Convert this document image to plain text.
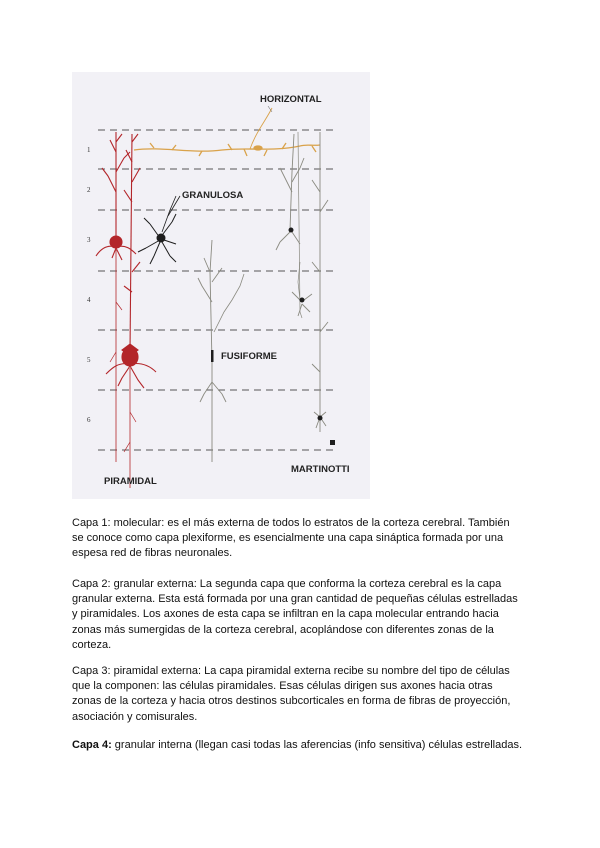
1
2
3
4
5
6
HORIZONTAL
GRANULOSA
FUSIFORME
MARTINOTTI
PIRAMIDAL

Capa 1: molecular: es el más externa de todos lo estratos de la corteza cerebral. También
se conoce como capa plexiforme, es esencialmente una capa sináptica formada por una
espesa red de fibras neuronales.

Capa 2: granular externa: La segunda capa que conforma la corteza cerebral es la capa
granular externa. Esta está formada por una gran cantidad de pequeñas células estrelladas
y piramidales. Los axones de esta capa se infiltran en la capa molecular entrando hacia
zonas más sumergidas de la corteza cerebral, acoplándose con diferentes zonas de la
corteza.

Capa 3: piramidal externa: La capa piramidal externa recibe su nombre del tipo de células
que la componen: las células piramidales. Esas células dirigen sus axones hacia otras
zonas de la corteza y hacia otros destinos subcorticales en forma de fibras de proyección,
asociación y comisurales.

Capa 4: granular interna (llegan casi todas las aferencias (info sensitiva) células estrelladas.
